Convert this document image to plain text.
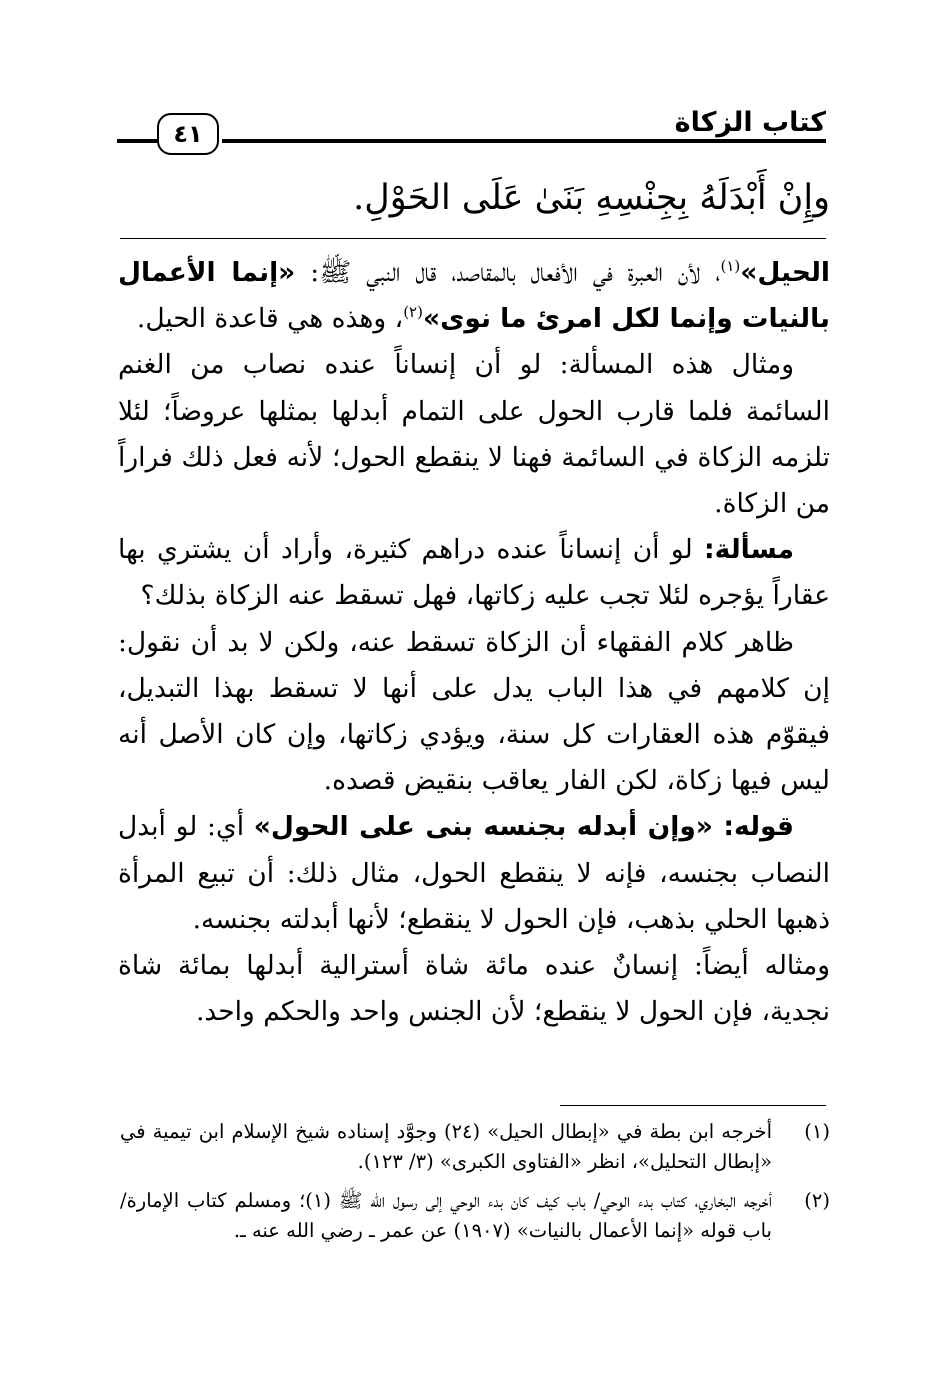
كتاب الزكاة
٤١
وإِنْ أَبْدَلَهُ بِجِنْسِهِ بَنَىٰ عَلَى الحَوْلِ.

الحيل»$^{(١)}$، لأن العبرة في الأفعال بالمقاصد، قال النبي ﷺ: «إنما الأعمال بالنيات وإنما لكل امرئ ما نوى»$^{(٢)}$، وهذه هي قاعدة الحيل.

ومثال هذه المسألة: لو أن إنساناً عنده نصاب من الغنم السائمة فلما قارب الحول على التمام أبدلها بمثلها عروضاً؛ لئلا تلزمه الزكاة في السائمة فهنا لا ينقطع الحول؛ لأنه فعل ذلك فراراً من الزكاة.

مسألة: لو أن إنساناً عنده دراهم كثيرة، وأراد أن يشتري بها عقاراً يؤجره لئلا تجب عليه زكاتها، فهل تسقط عنه الزكاة بذلك؟

ظاهر كلام الفقهاء أن الزكاة تسقط عنه، ولكن لا بد أن نقول: إن كلامهم في هذا الباب يدل على أنها لا تسقط بهذا التبديل، فيقوّم هذه العقارات كل سنة، ويؤدي زكاتها، وإن كان الأصل أنه ليس فيها زكاة، لكن الفار يعاقب بنقيض قصده.

قوله: «وإن أبدله بجنسه بنى على الحول» أي: لو أبدل النصاب بجنسه، فإنه لا ينقطع الحول، مثال ذلك: أن تبيع المرأة ذهبها الحلي بذهب، فإن الحول لا ينقطع؛ لأنها أبدلته بجنسه.

ومثاله أيضاً: إنسانٌ عنده مائة شاة أسترالية أبدلها بمائة شاة نجدية، فإن الحول لا ينقطع؛ لأن الجنس واحد والحكم واحد.

(١)
أخرجه ابن بطة في «إبطال الحيل» (٢٤) وجوَّد إسناده شيخ الإسلام ابن تيمية في «إبطال التحليل»، انظر «الفتاوى الكبرى» (٣/ ١٢٣).
(٢)
أخرجه البخاري، كتاب بدء الوحي/ باب كيف كان بدء الوحي إلى رسول الله ﷺ (١)؛ ومسلم كتاب الإمارة/ باب قوله «إنما الأعمال بالنيات» (١٩٠٧) عن عمر ـ رضي الله عنه ـ.
